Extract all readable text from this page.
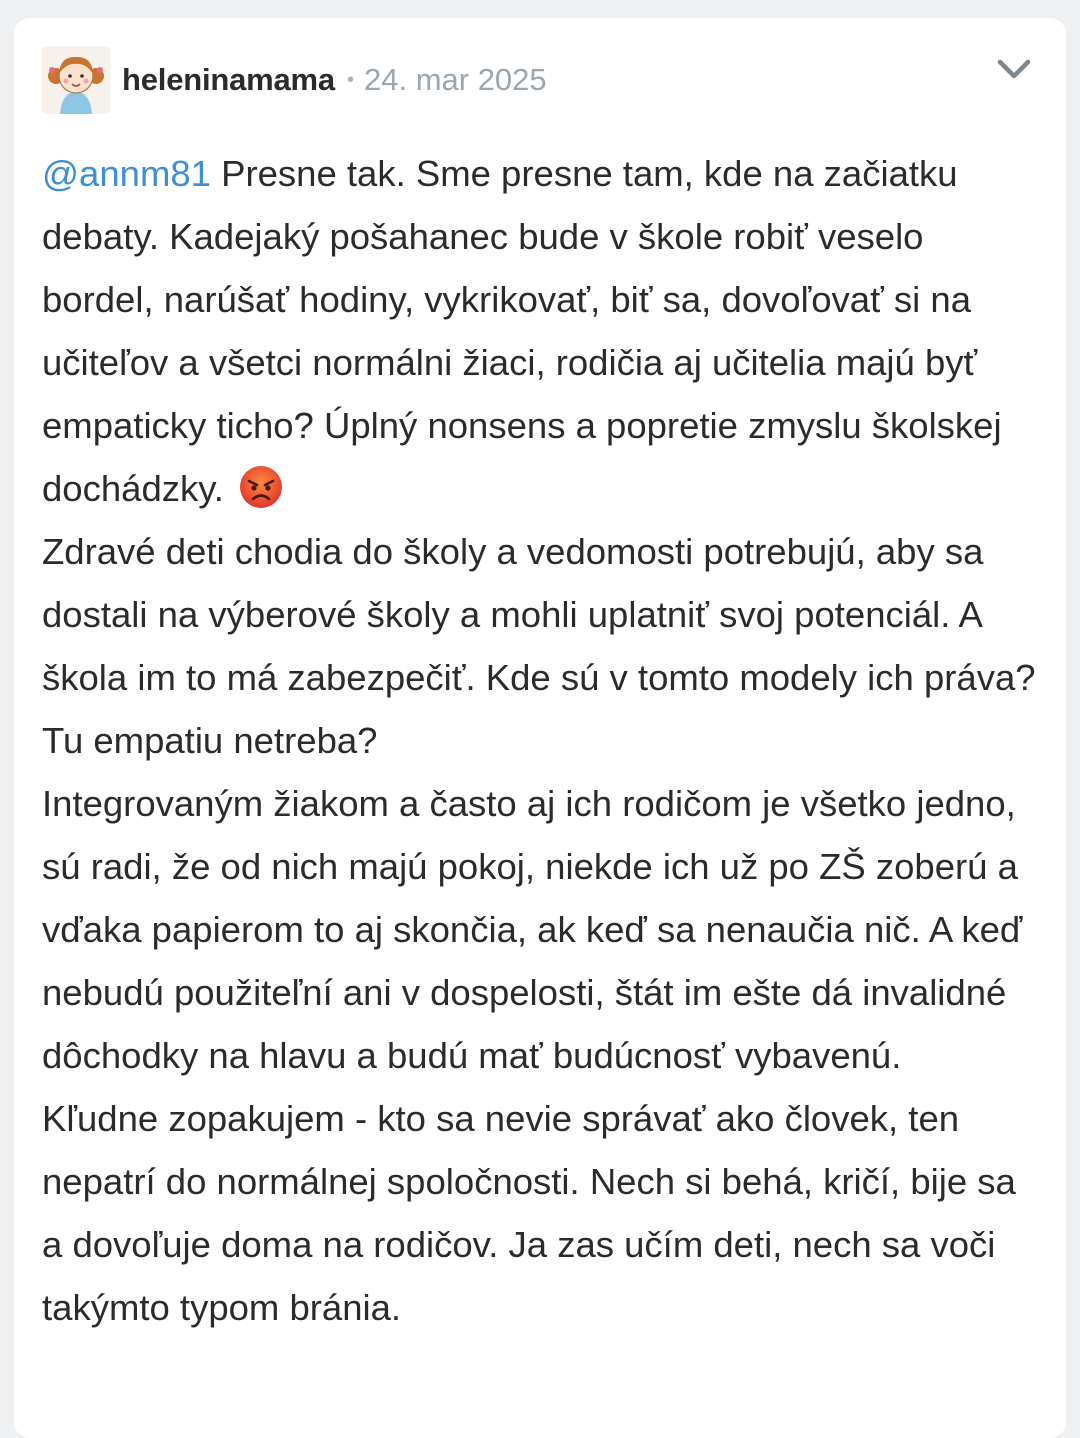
heleninamama • 24. mar 2025

@annm81 Presne tak. Sme presne tam, kde na začiatku debaty. Kadejaký pošahanec bude v škole robiť veselo bordel, narúšať hodiny, vykrikovať, biť sa, dovoľovať si na učiteľov a všetci normálni žiaci, rodičia aj učitelia majú byť empaticky ticho? Úplný nonsens a popretie zmyslu školskej dochádzky.

Zdravé deti chodia do školy a vedomosti potrebujú, aby sa dostali na výberové školy a mohli uplatniť svoj potenciál. A škola im to má zabezpečiť. Kde sú v tomto modely ich práva? Tu empatiu netreba?

Integrovaným žiakom a často aj ich rodičom je všetko jedno, sú radi, že od nich majú pokoj, niekde ich už po ZŠ zoberú a vďaka papierom to aj skončia, ak keď sa nenaučia nič. A keď nebudú použiteľní ani v dospelosti, štát im ešte dá invalidné dôchodky na hlavu a budú mať budúcnosť vybavenú.

Kľudne zopakujem - kto sa nevie správať ako človek, ten nepatrí do normálnej spoločnosti. Nech si behá, kričí, bije sa a dovoľuje doma na rodičov. Ja zas učím deti, nech sa voči takýmto typom bránia.
